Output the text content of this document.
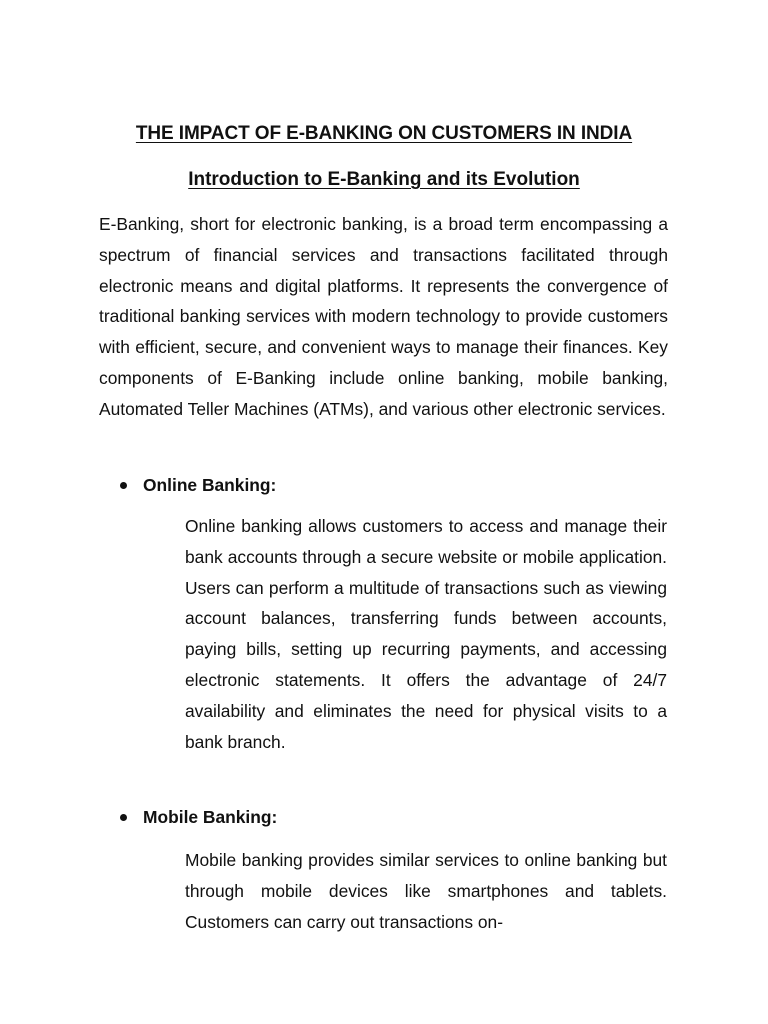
THE IMPACT OF E-BANKING ON CUSTOMERS IN INDIA
Introduction to E-Banking and its Evolution

E-Banking, short for electronic banking, is a broad term encompassing a spectrum of financial services and transactions facilitated through electronic means and digital platforms. It represents the convergence of traditional banking services with modern technology to provide customers with efficient, secure, and convenient ways to manage their finances. Key components of E-Banking include online banking, mobile banking, Automated Teller Machines (ATMs), and various other electronic services.

Online Banking:

Online banking allows customers to access and manage their bank accounts through a secure website or mobile application. Users can perform a multitude of transactions such as viewing account balances, transferring funds between accounts, paying bills, setting up recurring payments, and accessing electronic statements. It offers the advantage of 24/7 availability and eliminates the need for physical visits to a bank branch.

Mobile Banking:

Mobile banking provides similar services to online banking but through mobile devices like smartphones and tablets. Customers can carry out transactions on-
